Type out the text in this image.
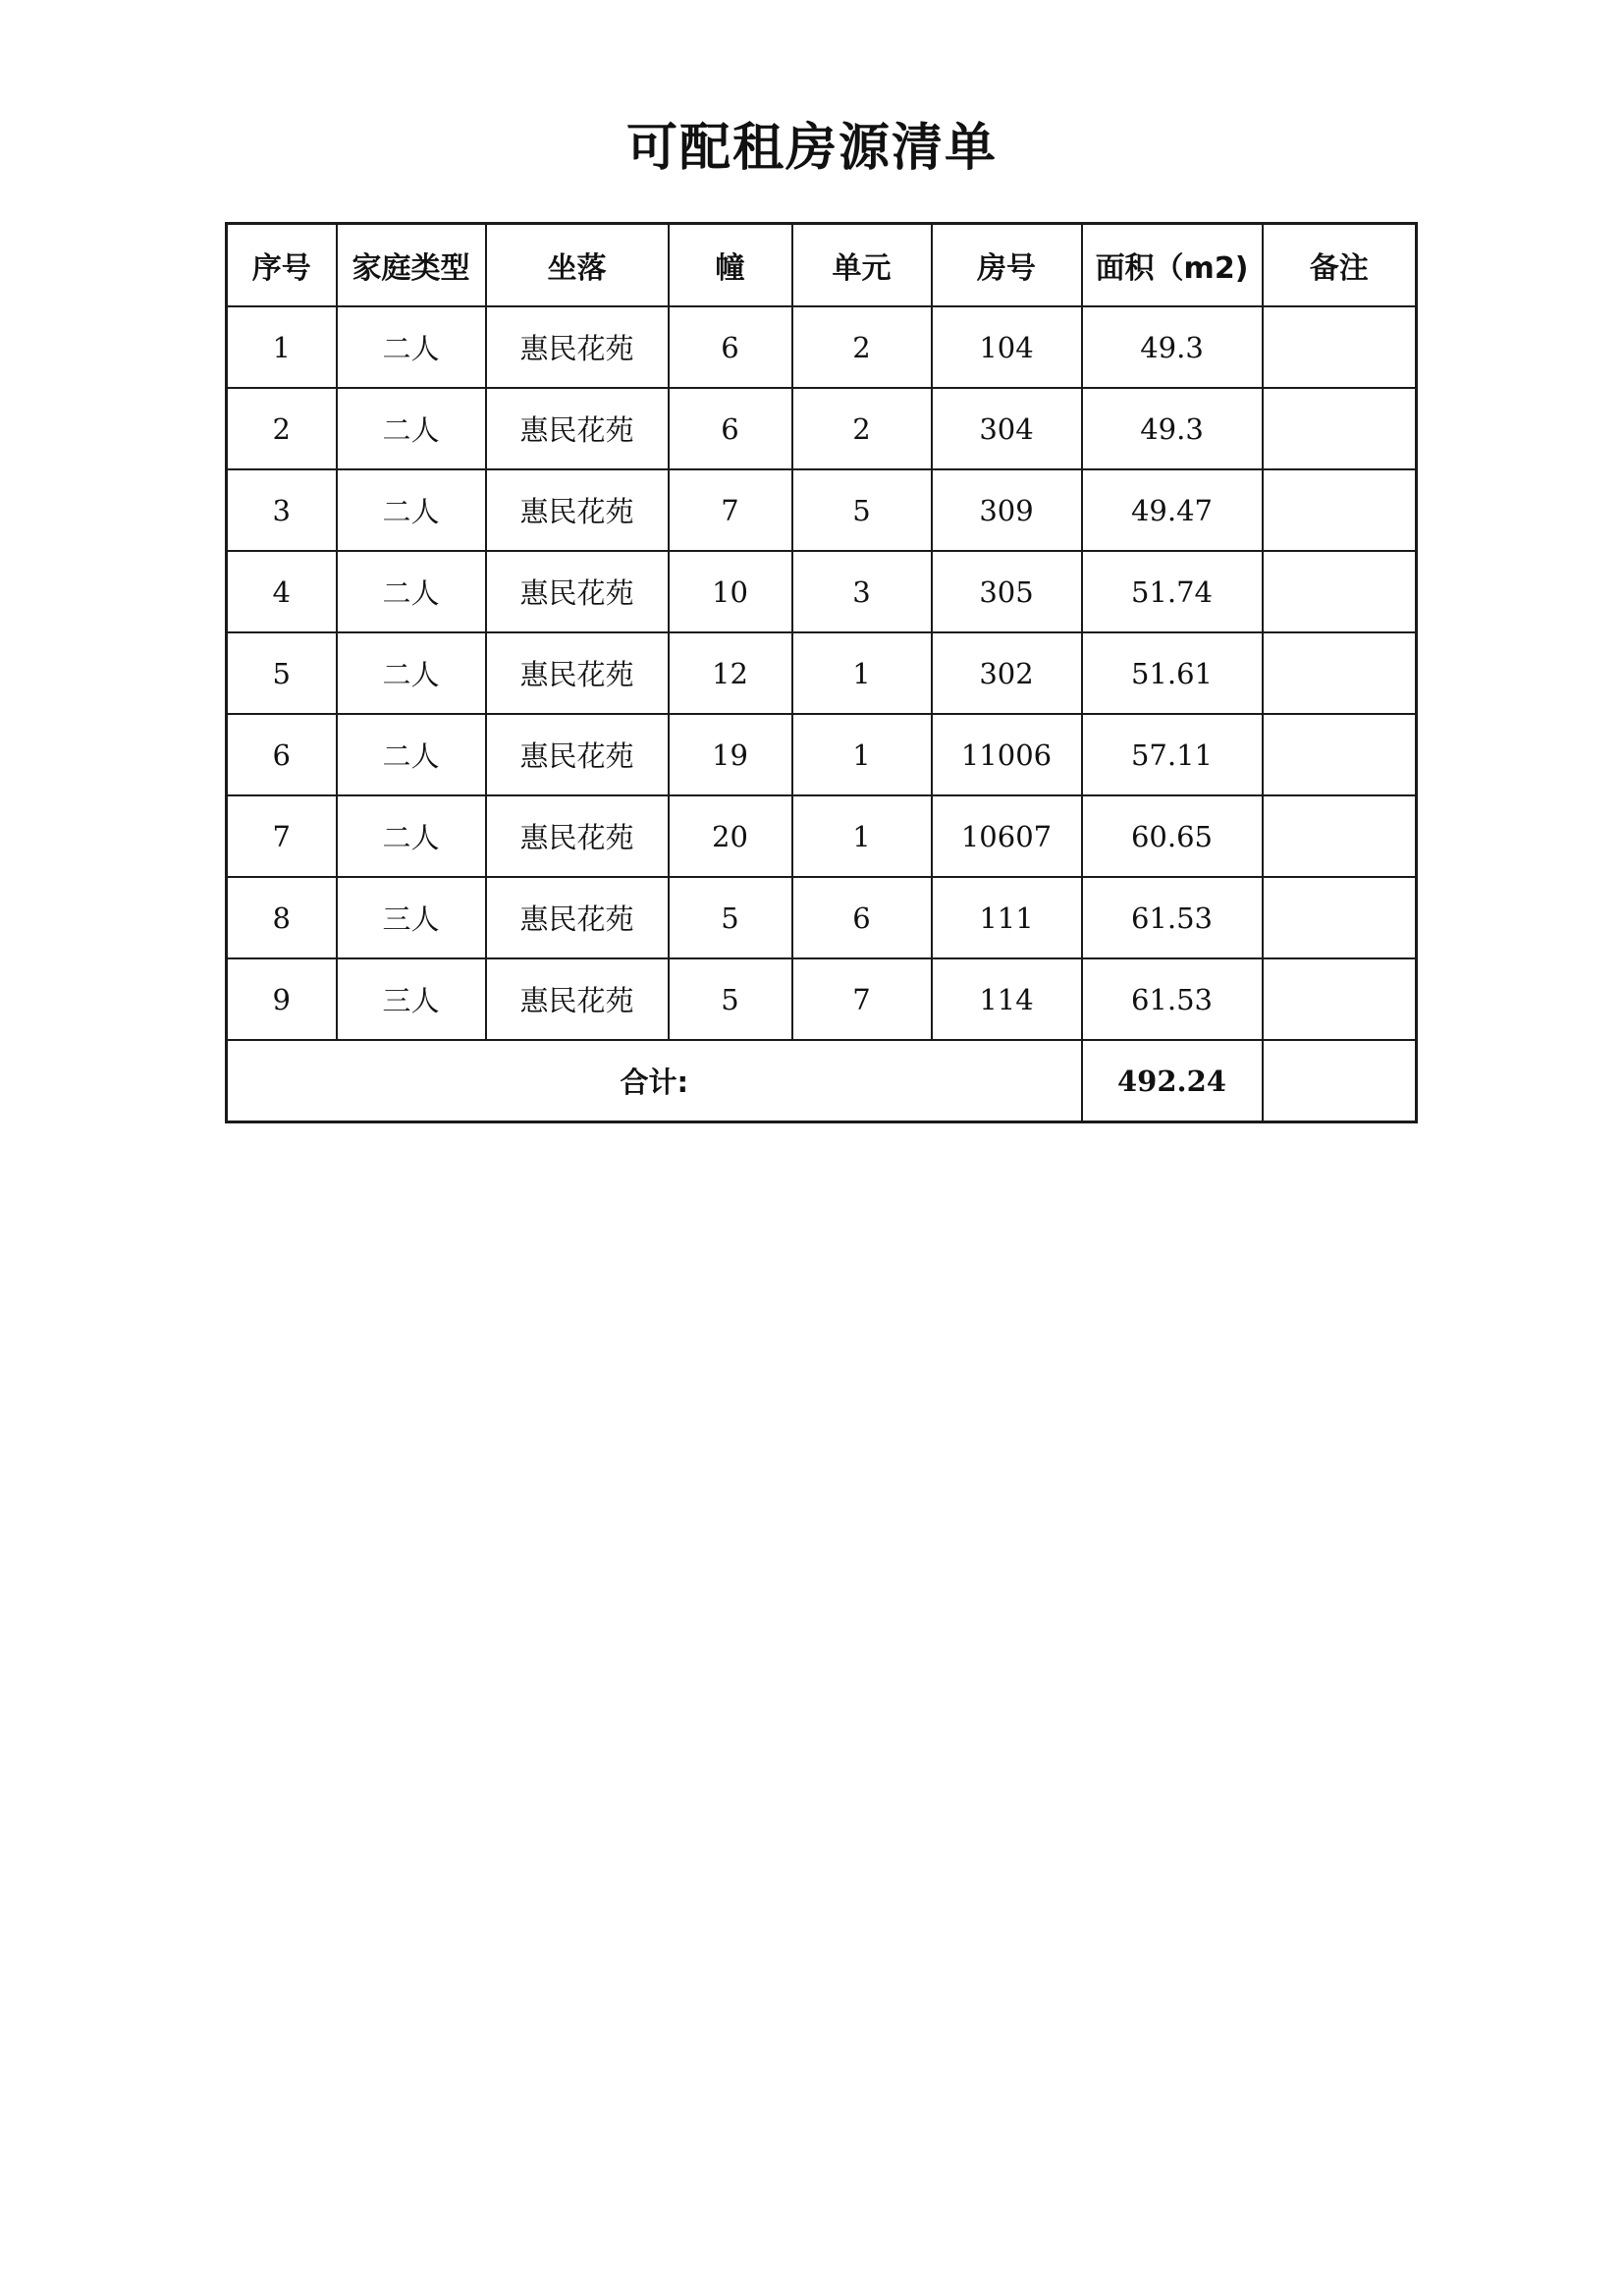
可配租房源清单
序号	家庭类型	坐落	幢	单元	房号	面积（m2)	备注
1	二人	惠民花苑	6	2	104	49.3	
2	二人	惠民花苑	6	2	304	49.3	
3	二人	惠民花苑	7	5	309	49.47	
4	二人	惠民花苑	10	3	305	51.74	
5	二人	惠民花苑	12	1	302	51.61	
6	二人	惠民花苑	19	1	11006	57.11	
7	二人	惠民花苑	20	1	10607	60.65	
8	三人	惠民花苑	5	6	111	61.53	
9	三人	惠民花苑	5	7	114	61.53	
合计:						492.24	
